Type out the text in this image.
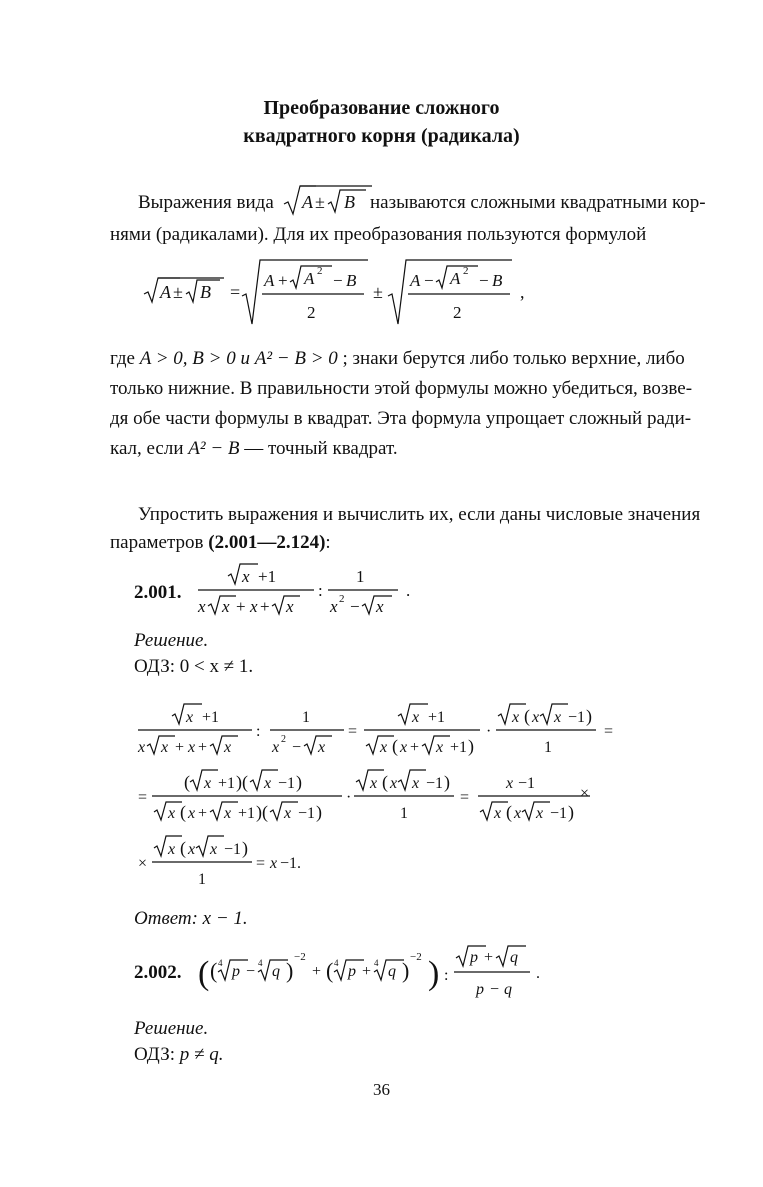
Преобразование сложного
квадратного корня (радикала)
Выражения вида A ± B называются сложными квадратными кор-
нями (радикалами). Для их преобразования пользуются формулой
A ± B =
A + A 2 − B
2
±
A − A 2 − B
2
,
где A > 0, B > 0 и A² − B > 0 ; знаки берутся либо только верхние, либо
только нижние. В правильности этой формулы можно убедиться, возве-
дя обе части формулы в квадрат. Эта формула упрощает сложный ради-
кал, если A² − B — точный квадрат.
Упростить выражения и вычислить их, если даны числовые значения
параметров (2.001—2.124):
2.001.
x +1
x x + x + x
:
1
x 2 − x
.
Решение.
ОДЗ: 0 < x ≠ 1.
x +1
x x + x + x
:
1
x 2 − x
=
x +1
x ( x + x +1 )
·
x ( x x −1 )
1
=
=
( x +1 )( x −1 )
x ( x + x +1 )( x −1 )
·
x ( x x −1 )
1
=
x −1
x ( x x −1 )
×
×
x ( x x −1 )
1
= x −1.
Ответ: x − 1.
2.002. ( ( 4 p − 4 q )
−2
+ ( 4 p + 4 q )
−2 ) :
p + q
p − q
.
Решение.
ОДЗ: p ≠ q.
36
